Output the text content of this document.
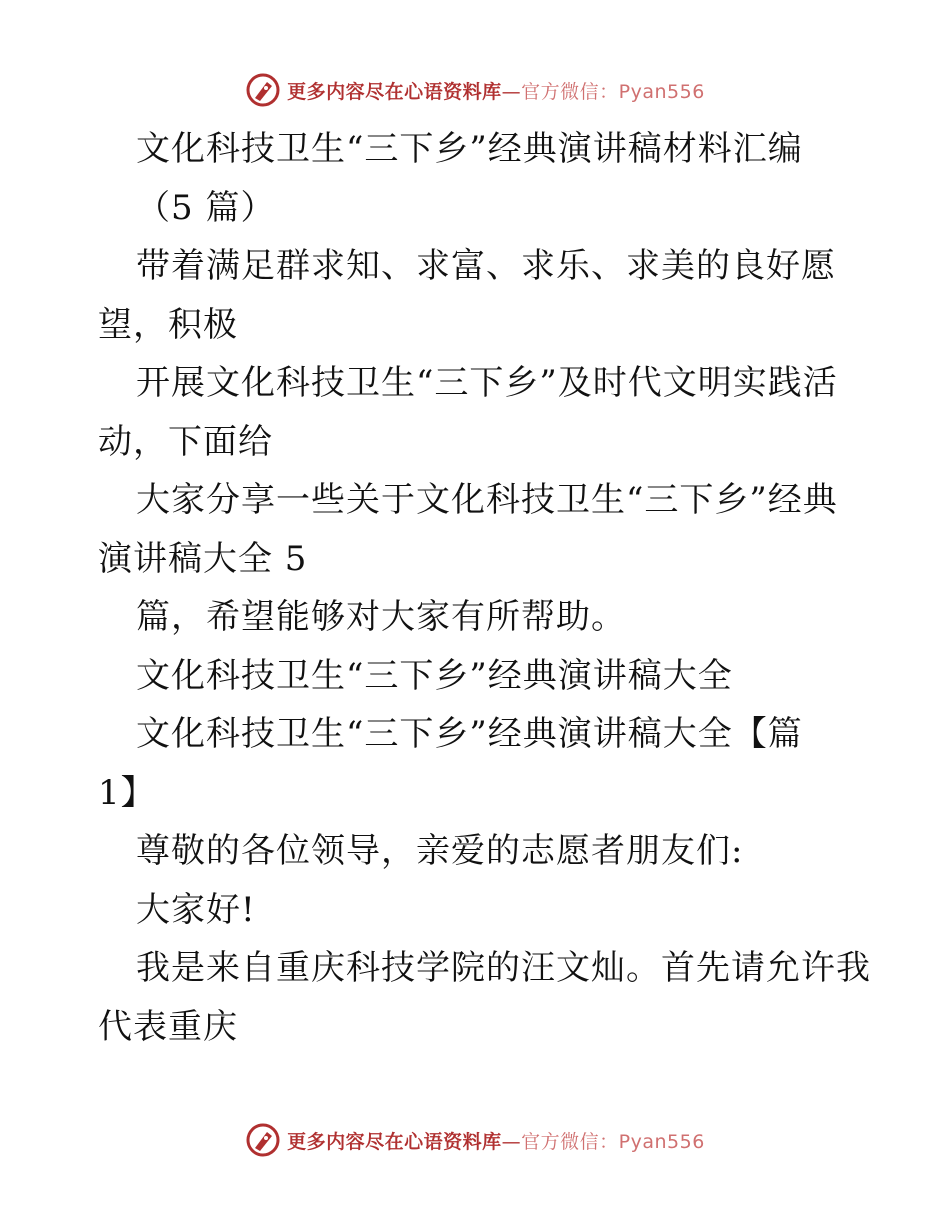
更多内容尽在心语资料库—官方微信：Pyan556
文化科技卫生“三下乡”经典演讲稿材料汇编
（5 篇）
带着满足群求知、求富、求乐、求美的良好愿
望，积极
开展文化科技卫生“三下乡”及时代文明实践活
动，下面给
大家分享一些关于文化科技卫生“三下乡”经典
演讲稿大全 5
篇，希望能够对大家有所帮助。
文化科技卫生“三下乡”经典演讲稿大全
文化科技卫生“三下乡”经典演讲稿大全【篇
1】
尊敬的各位领导，亲爱的志愿者朋友们:
大家好!
我是来自重庆科技学院的汪文灿。首先请允许我
代表重庆
更多内容尽在心语资料库—官方微信：Pyan556
